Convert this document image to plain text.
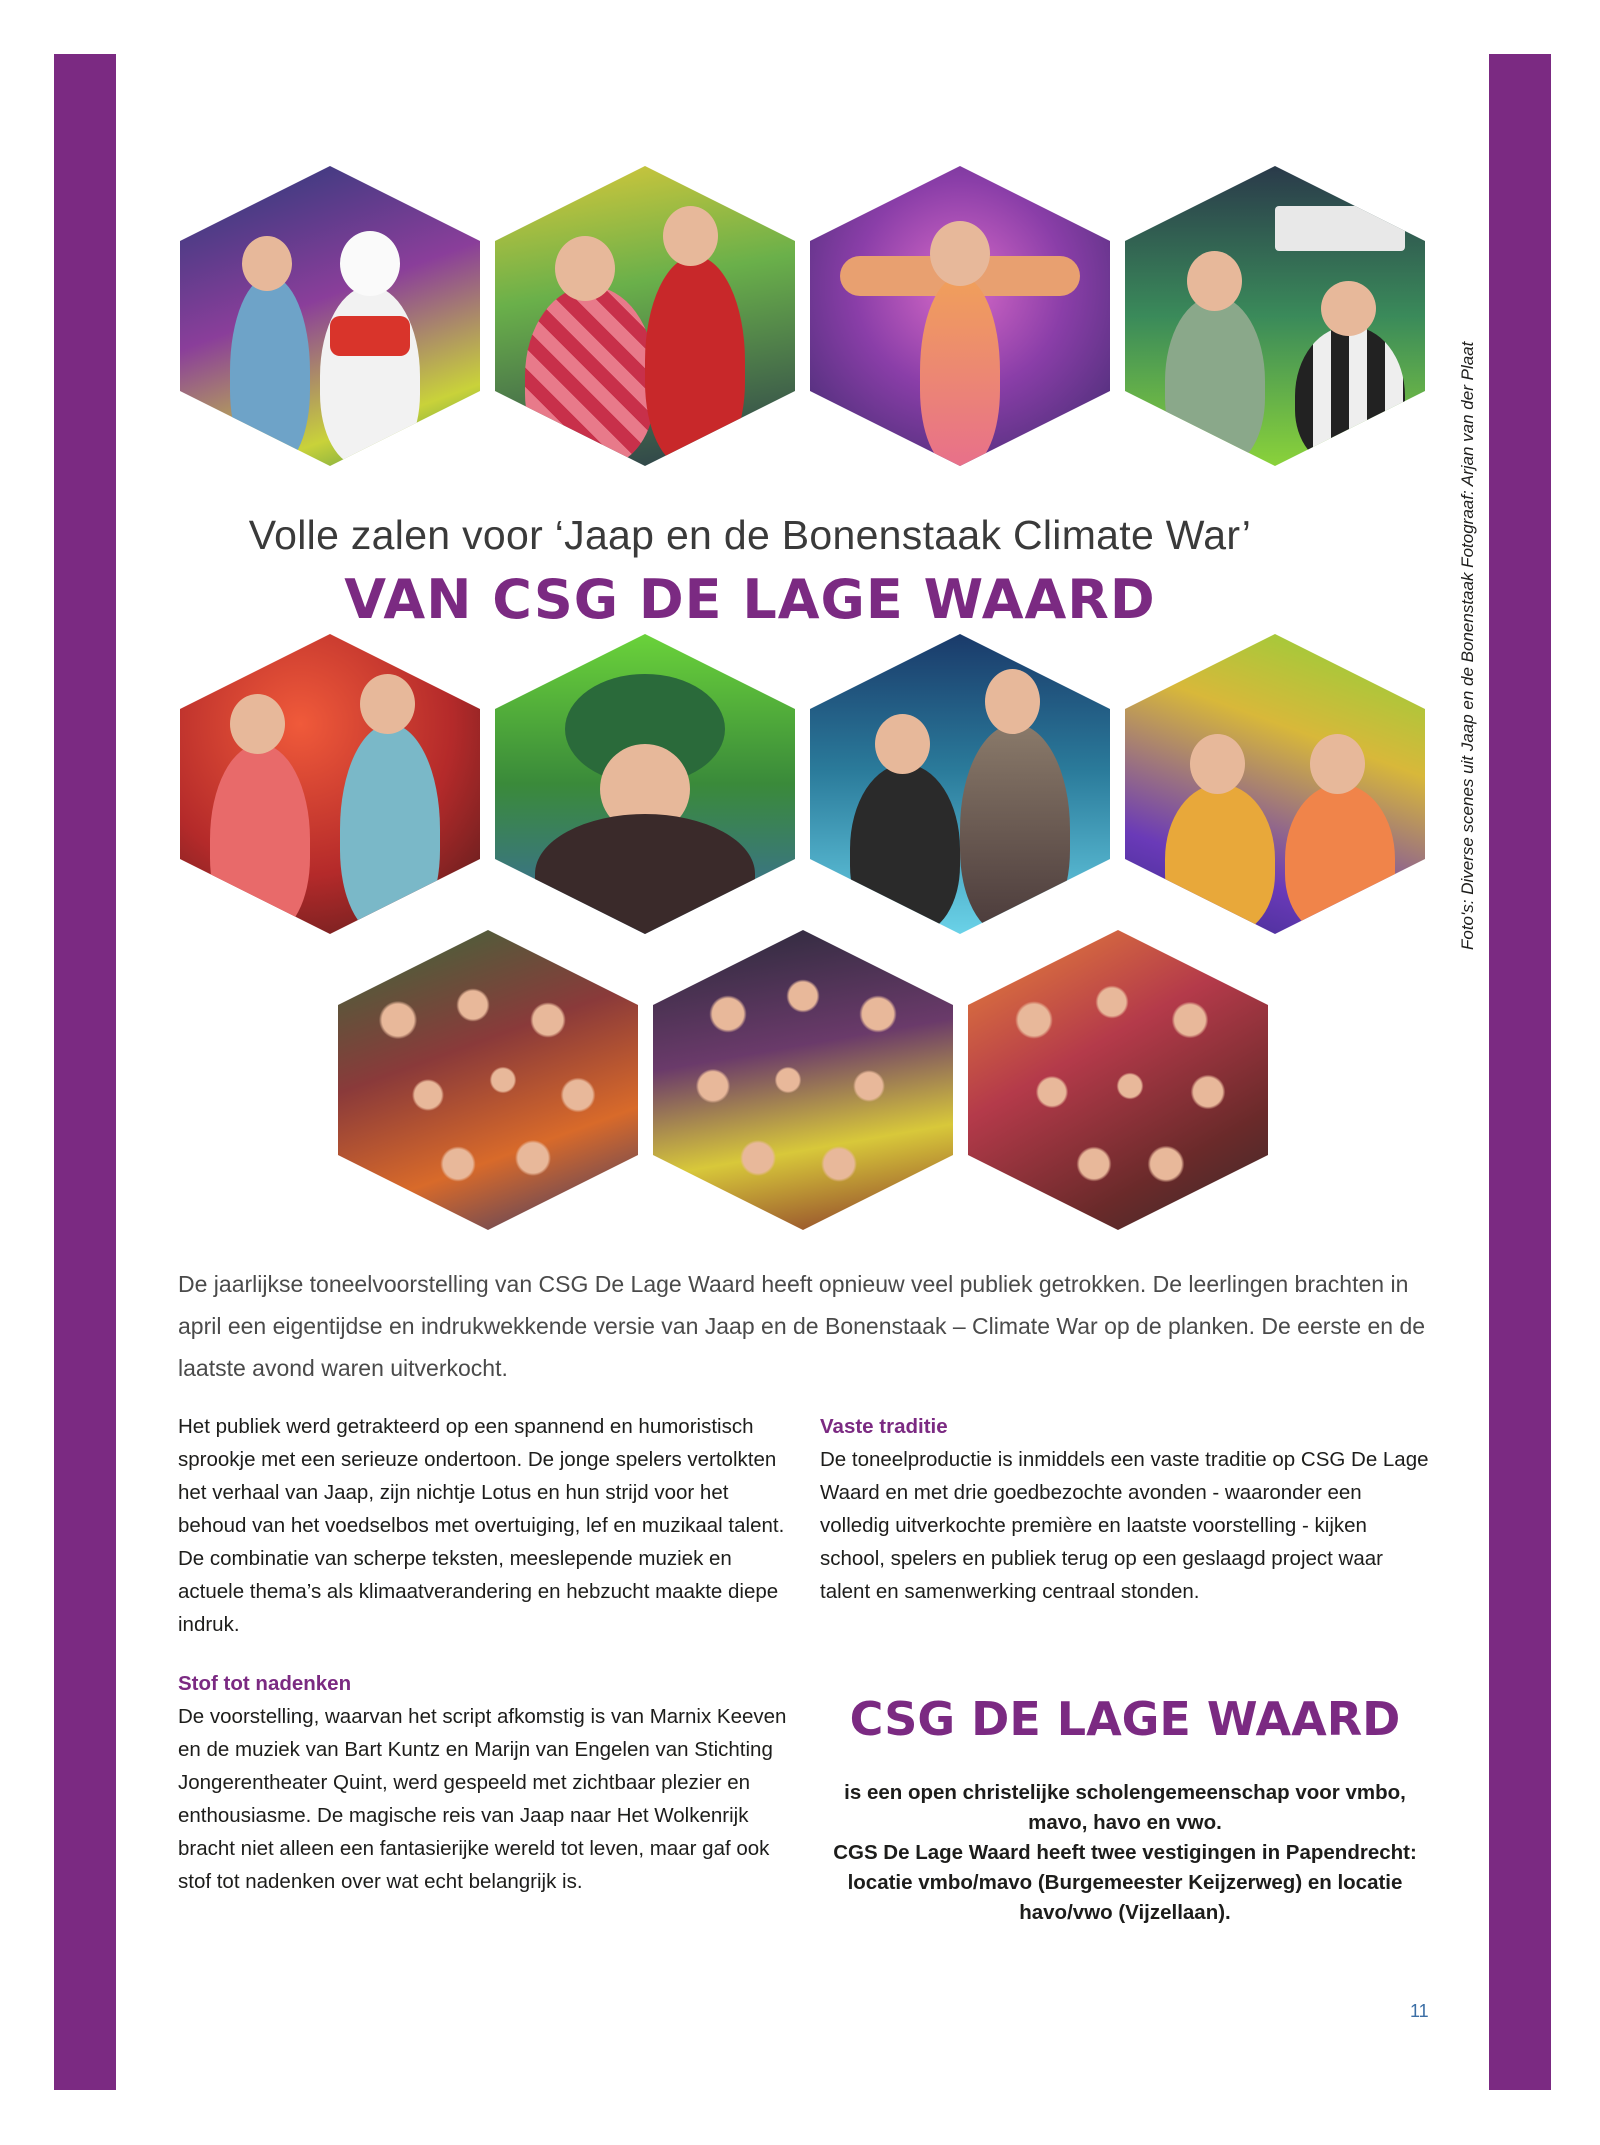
Foto's: Diverse scenes uit Jaap en de Bonenstaak Fotograaf: Arjan van der Plaat
Volle zalen voor ‘Jaap en de Bonenstaak Climate War’
VAN CSG DE LAGE WAARD
De jaarlijkse toneelvoorstelling van CSG De Lage Waard heeft opnieuw veel publiek getrokken. De leerlingen brachten in april een eigentijdse en indrukwekkende versie van Jaap en de Bonenstaak – Climate War op de planken. De eerste en de laatste avond waren uitverkocht.

Het publiek werd getrakteerd op een spannend en humoristisch sprookje met een serieuze ondertoon. De jonge spelers vertolkten het verhaal van Jaap, zijn nichtje Lotus en hun strijd voor het behoud van het voedselbos met overtuiging, lef en muzikaal talent. De combinatie van scherpe teksten, meeslepende muziek en actuele thema’s als klimaatverandering en hebzucht maakte diepe indruk.

Stof tot nadenken

De voorstelling, waarvan het script afkomstig is van Marnix Keeven en de muziek van Bart Kuntz en Marijn van Engelen van Stichting Jongerentheater Quint, werd gespeeld met zichtbaar plezier en enthousiasme. De magische reis van Jaap naar Het Wolkenrijk bracht niet alleen een fantasierijke wereld tot leven, maar gaf ook stof tot nadenken over wat echt belangrijk is.

Vaste traditie

De toneelproductie is inmiddels een vaste traditie op CSG De Lage Waard en met drie goedbezochte avonden - waaronder een volledig uitverkochte première en laatste voorstelling - kijken school, spelers en publiek terug op een geslaagd project waar talent en samenwerking centraal stonden.

CSG DE LAGE WAARD
is een open christelijke scholengemeenschap voor vmbo, mavo, havo en vwo.
CGS De Lage Waard heeft twee vestigingen in Papendrecht: locatie vmbo/mavo (Burgemeester Keijzerweg) en locatie havo/vwo (Vijzellaan).
11
